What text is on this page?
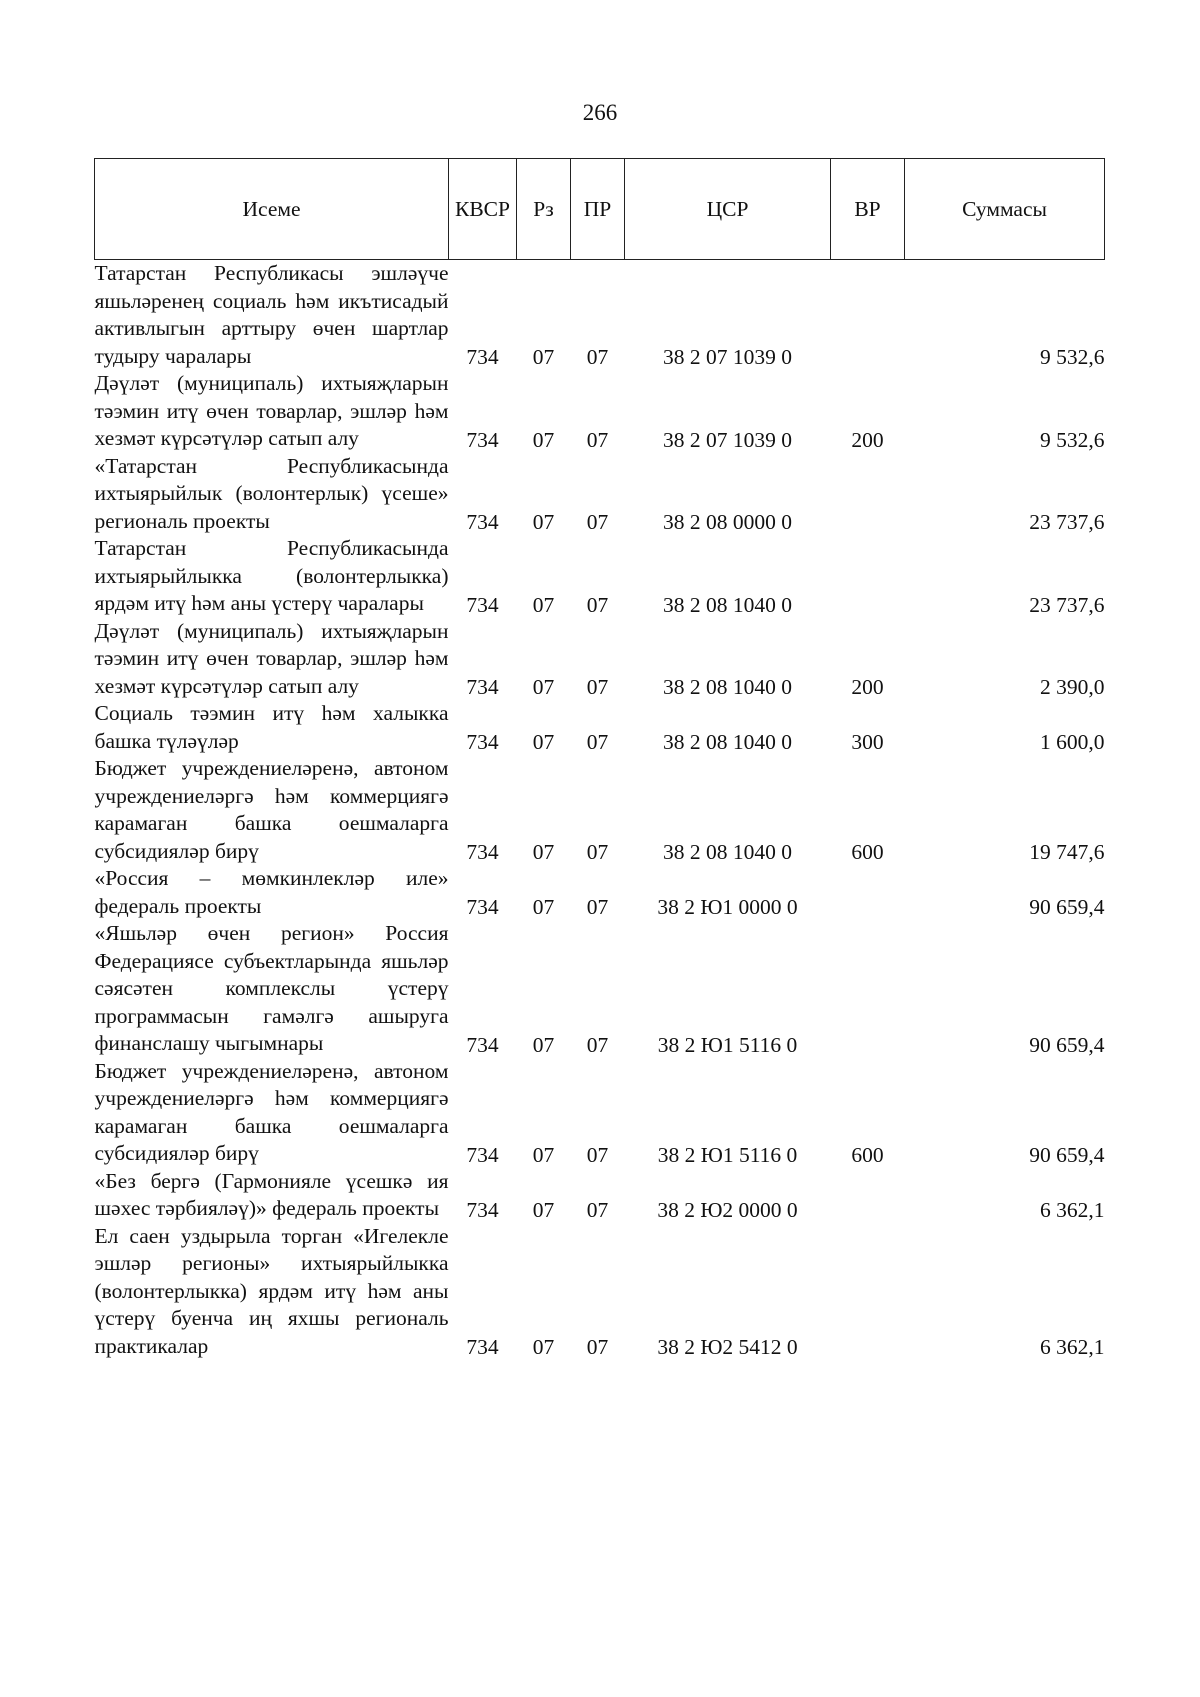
266
Исеме	КВСР	Рз	ПР	ЦСР	ВР	Суммасы
Татарстан Республикасы эшләүче яшьләренең социаль һәм икътисадый активлыгын арттыру өчен шартлар тудыру чаралары	734	07	07	38 2 07 1039 0		9 532,6
Дәүләт (муниципаль) ихтыяҗларын тәэмин итү өчен товарлар, эшләр һәм хезмәт күрсәтүләр сатып алу	734	07	07	38 2 07 1039 0	200	9 532,6
«Татарстан Республикасында ихтыярыйлык (волонтерлык) үсеше» региональ проекты	734	07	07	38 2 08 0000 0		23 737,6
Татарстан Республикасында ихтыярыйлыкка (волонтерлыкка) ярдәм итү һәм аны үстерү чаралары	734	07	07	38 2 08 1040 0		23 737,6
Дәүләт (муниципаль) ихтыяҗларын тәэмин итү өчен товарлар, эшләр һәм хезмәт күрсәтүләр сатып алу	734	07	07	38 2 08 1040 0	200	2 390,0
Социаль тәэмин итү һәм халыкка башка түләүләр	734	07	07	38 2 08 1040 0	300	1 600,0
Бюджет учреждениеләренә, автоном учреждениеләргә һәм коммерциягә карамаган башка оешмаларга субсидияләр бирү	734	07	07	38 2 08 1040 0	600	19 747,6
«Россия – мөмкинлекләр иле» федераль проекты	734	07	07	38 2 Ю1 0000 0		90 659,4
«Яшьләр өчен регион» Россия Федерациясе субъектларында яшьләр сәясәтен комплекслы үстерү программасын гамәлгә ашыруга финанслашу чыгымнары	734	07	07	38 2 Ю1 5116 0		90 659,4
Бюджет учреждениеләренә, автоном учреждениеләргә һәм коммерциягә карамаган башка оешмаларга субсидияләр бирү	734	07	07	38 2 Ю1 5116 0	600	90 659,4
«Без бергә (Гармонияле үсешкә ия шәхес тәрбияләү)» федераль проекты	734	07	07	38 2 Ю2 0000 0		6 362,1
Ел саен уздырыла торган «Игелекле эшләр регионы» ихтыярыйлыкка (волонтерлыкка) ярдәм итү һәм аны үстерү буенча иң яхшы региональ практикалар	734	07	07	38 2 Ю2 5412 0		6 362,1
